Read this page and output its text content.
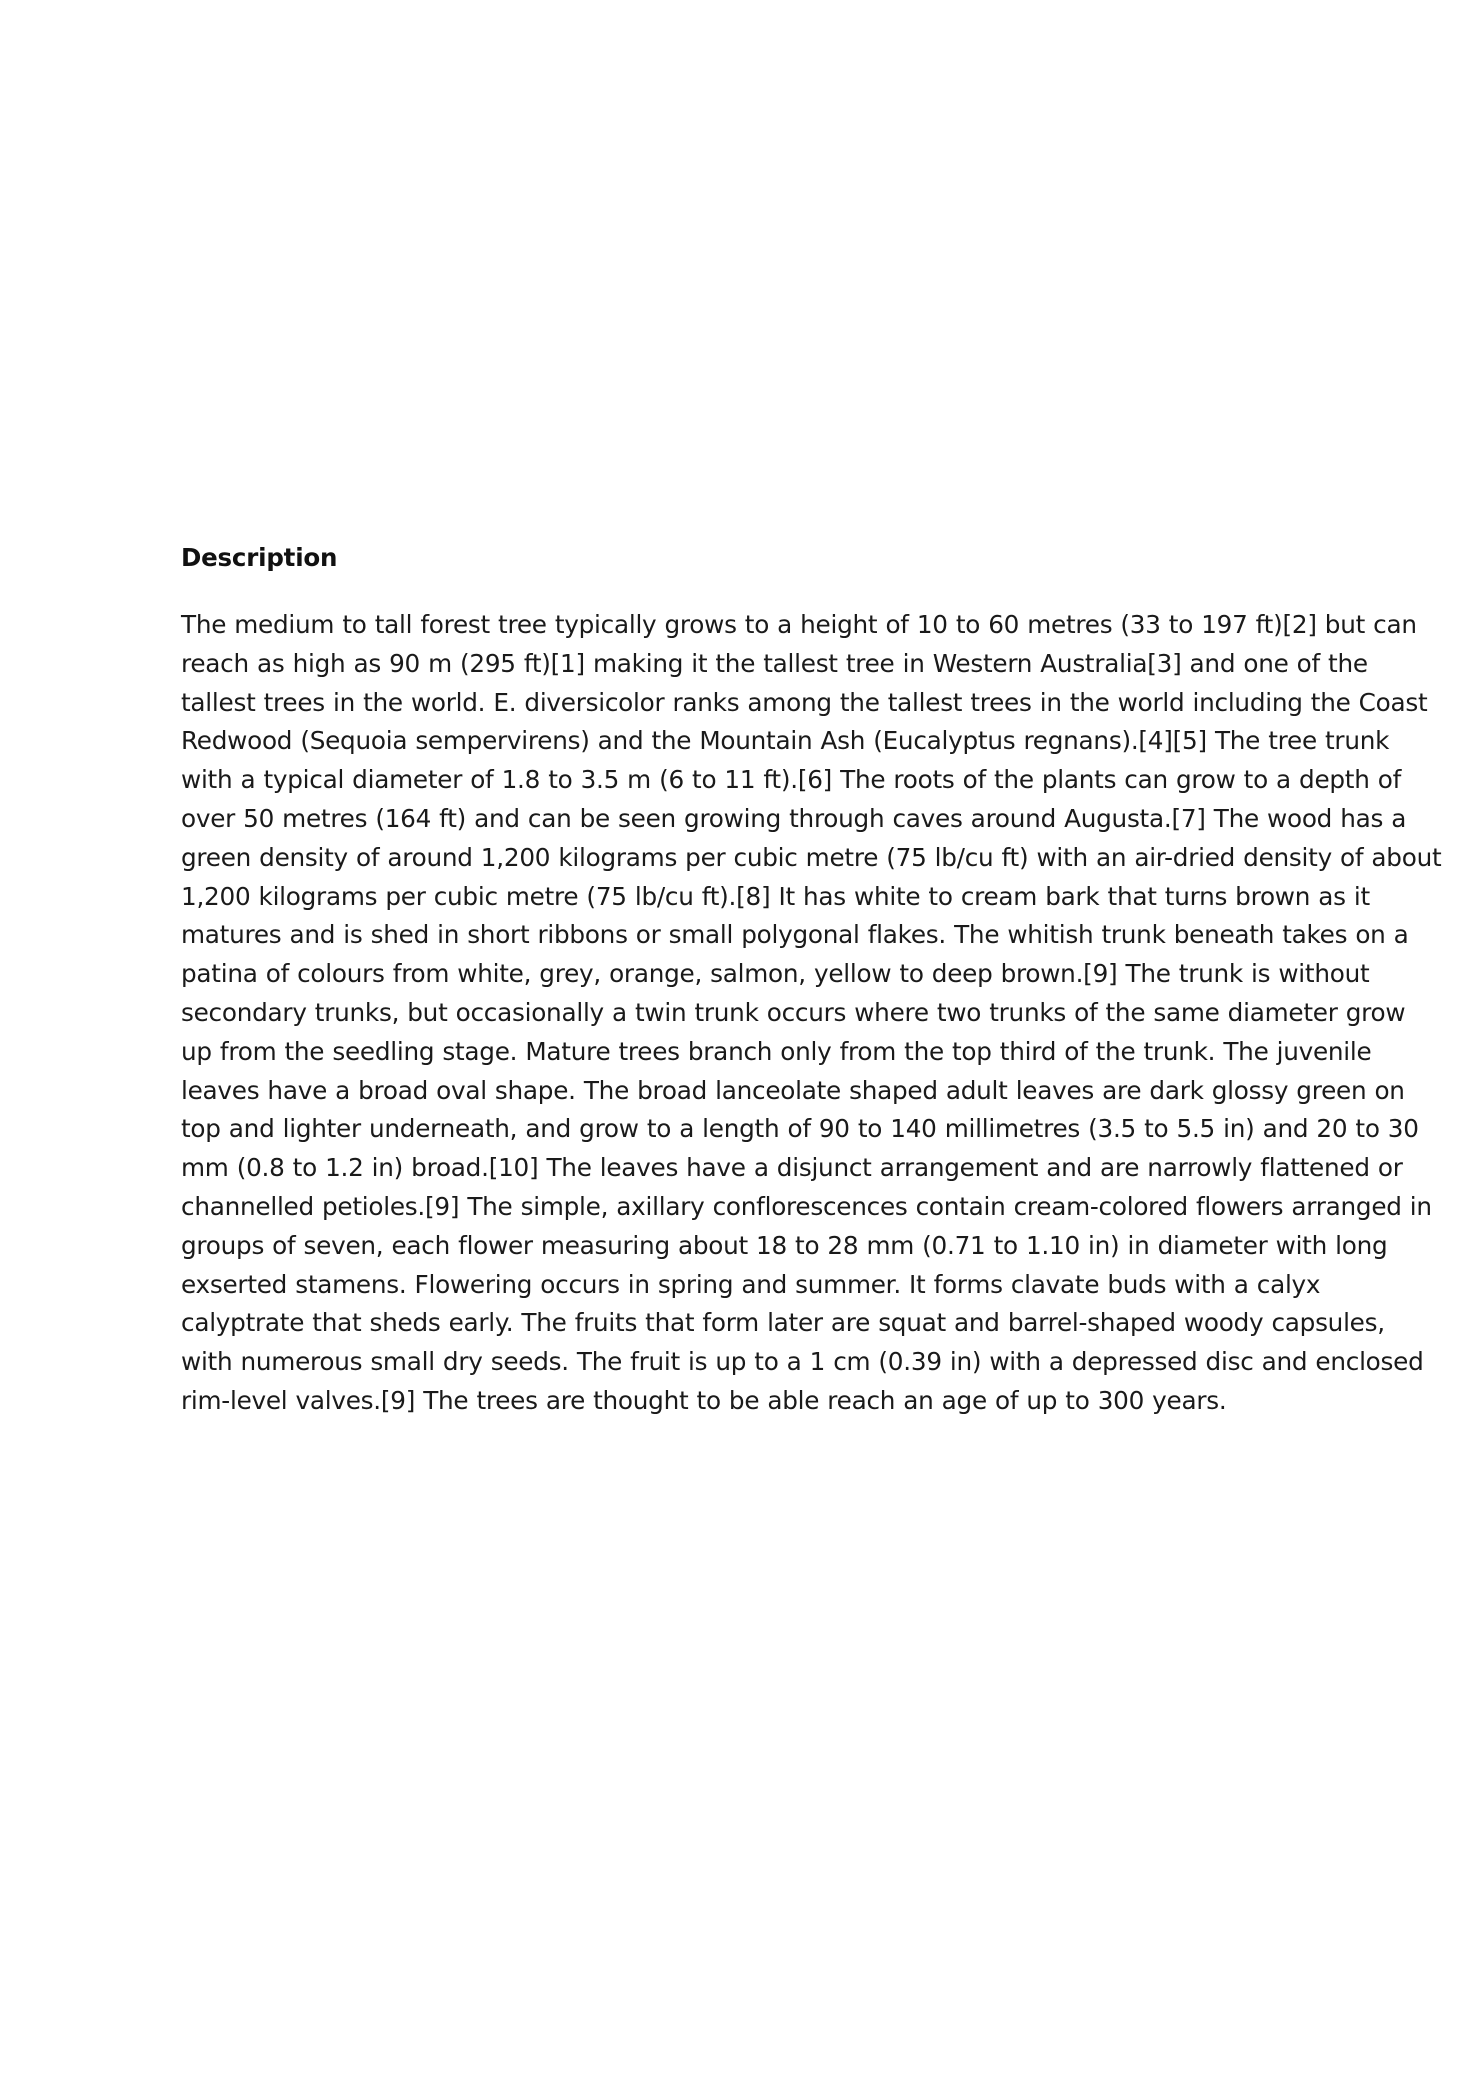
Description

The medium to tall forest tree typically grows to a height of 10 to 60 metres (33 to 197 ft)[2] but can reach as high as 90 m (295 ft)[1] making it the tallest tree in Western Australia[3] and one of the tallest trees in the world. E. diversicolor ranks among the tallest trees in the world including the Coast Redwood (Sequoia sempervirens) and the Mountain Ash (Eucalyptus regnans).[4][5] The tree trunk with a typical diameter of 1.8 to 3.5 m (6 to 11 ft).[6] The roots of the plants can grow to a depth of over 50 metres (164 ft) and can be seen growing through caves around Augusta.[7] The wood has a green density of around 1,200 kilograms per cubic metre (75 lb/cu ft) with an air-dried density of about 1,200 kilograms per cubic metre (75 lb/cu ft).[8] It has white to cream bark that turns brown as it matures and is shed in short ribbons or small polygonal flakes. The whitish trunk beneath takes on a patina of colours from white, grey, orange, salmon, yellow to deep brown.[9] The trunk is without secondary trunks, but occasionally a twin trunk occurs where two trunks of the same diameter grow up from the seedling stage. Mature trees branch only from the top third of the trunk. The juvenile leaves have a broad oval shape. The broad lanceolate shaped adult leaves are dark glossy green on top and lighter underneath, and grow to a length of 90 to 140 millimetres (3.5 to 5.5 in) and 20 to 30 mm (0.8 to 1.2 in) broad.[10] The leaves have a disjunct arrangement and are narrowly flattened or channelled petioles.[9] The simple, axillary conflorescences contain cream-colored flowers arranged in groups of seven, each flower measuring about 18 to 28 mm (0.71 to 1.10 in) in diameter with long exserted stamens. Flowering occurs in spring and summer. It forms clavate buds with a calyx calyptrate that sheds early. The fruits that form later are squat and barrel-shaped woody capsules, with numerous small dry seeds. The fruit is up to a 1 cm (0.39 in) with a depressed disc and enclosed rim-level valves.[9] The trees are thought to be able reach an age of up to 300 years.
